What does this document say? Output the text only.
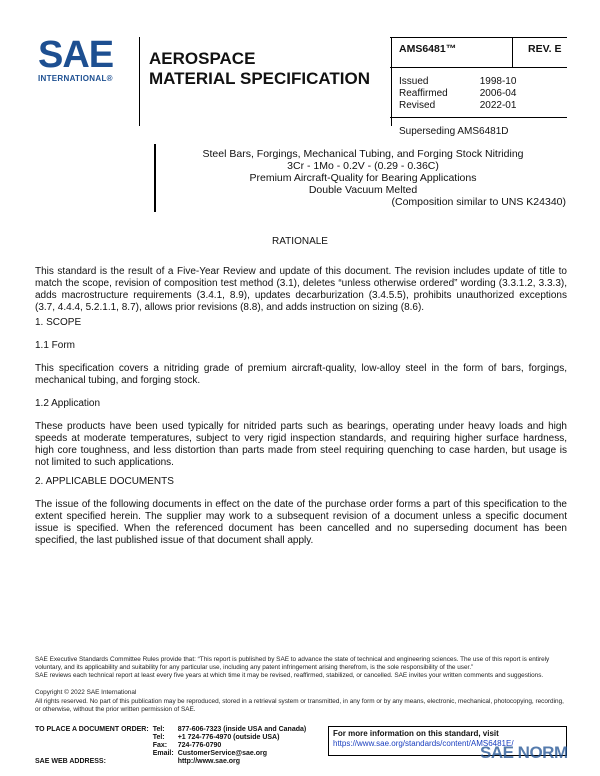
SAE
INTERNATIONAL®
AEROSPACE
MATERIAL SPECIFICATION
AMS6481™	REV. E
Issued	1998-10
Reaffirmed	2006-04
Revised	2022-01
Superseding AMS6481D
Steel Bars, Forgings, Mechanical Tubing, and Forging Stock Nitriding
3Cr - 1Mo - 0.2V - (0.29 - 0.36C)
Premium Aircraft-Quality for Bearing Applications
Double Vacuum Melted
(Composition similar to UNS K24340)
RATIONALE
This standard is the result of a Five-Year Review and update of this document. The revision includes update of title to match the scope, revision of composition test method (3.1), deletes “unless otherwise ordered” wording (3.3.1.2, 3.3.3), adds macrostructure requirements (3.4.1, 8.9), updates decarburization (3.4.5.5), prohibits unauthorized exceptions (3.7, 4.4.4, 5.2.1.1, 8.7), allows prior revisions (8.8), and adds instruction on sizing (8.6).
1. SCOPE
1.1 Form
This specification covers a nitriding grade of premium aircraft-quality, low-alloy steel in the form of bars, forgings, mechanical tubing, and forging stock.
1.2 Application
These products have been used typically for nitrided parts such as bearings, operating under heavy loads and high speeds at moderate temperatures, subject to very rigid inspection standards, and requiring higher surface hardness, high core toughness, and less distortion than parts made from steel requiring quenching to case harden, but usage is not limited to such applications.
2. APPLICABLE DOCUMENTS
The issue of the following documents in effect on the date of the purchase order forms a part of this specification to the extent specified herein. The supplier may work to a subsequent revision of a document unless a specific document issue is specified. When the referenced document has been cancelled and no superseding document has been specified, the last published issue of that document shall apply.
SAE Executive Standards Committee Rules provide that: “This report is published by SAE to advance the state of technical and engineering sciences. The use of this report is entirely voluntary, and its applicability and suitability for any particular use, including any patent infringement arising therefrom, is the sole responsibility of the user.”
SAE reviews each technical report at least every five years at which time it may be revised, reaffirmed, stabilized, or cancelled. SAE invites your written comments and suggestions.
Copyright © 2022 SAE International
All rights reserved. No part of this publication may be reproduced, stored in a retrieval system or transmitted, in any form or by any means, electronic, mechanical, photocopying, recording, or otherwise, without the prior written permission of SAE.
TO PLACE A DOCUMENT ORDER:	Tel:	877-606-7323 (inside USA and Canada)
	Tel:	+1 724-776-4970 (outside USA)
	Fax:	724-776-0790
	Email:	CustomerService@sae.org
SAE WEB ADDRESS:		http://www.sae.org
For more information on this standard, visit
https://www.sae.org/standards/content/AMS6481E/
SAE NORM
